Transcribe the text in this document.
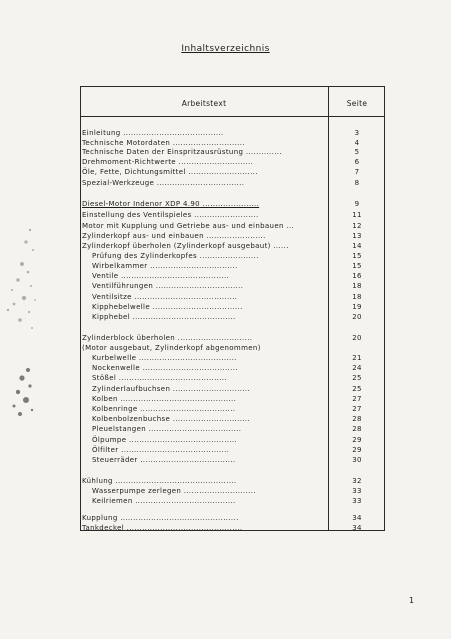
Inhaltsverzeichnis
Arbeitstext	Seite
Einleitung .......................................	3
Technische Motordaten ............................	4
Technische Daten der Einspritzausrüstung ..............	5
Drehmoment-Richtwerte .............................	6
Öle, Fette, Dichtungsmittel ...........................	7
Spezial-Werkzeuge ..................................	8
Diesel-Motor Indenor XDP 4.90 ......................	9
Einstellung des Ventilspieles .........................	11
Motor mit Kupplung und Getriebe aus- und einbauen ...	12
Zylinderkopf aus- und einbauen .......................	13
Zylinderkopf überholen (Zylinderkopf ausgebaut) ......	14
Prüfung des Zylinderkopfes .......................	15
Wirbelkammer ..................................	15
Ventile ..........................................	16
Ventilführungen ..................................	18
Ventilsitze ........................................	18
Kipphebelwelle ...................................	19
Kipphebel ........................................	20
Zylinderblock überholen .............................	20
(Motor ausgebaut, Zylinderkopf abgenommen)
Kurbelwelle ......................................	21
Nockenwelle .....................................	24
Stößel ..........................................	25
Zylinderlaufbuchsen ..............................	25
Kolben .............................................	27
Kolbenringe .....................................	27
Kolbenbolzenbuchse ..............................	28
Pleuelstangen ....................................	28
Ölpumpe ..........................................	29
Ölfilter ..........................................	29
Steuerräder .....................................	30
Kühlung ...............................................	32
Wasserpumpe zerlegen ............................	33
Keilriemen .......................................	33
Kupplung ..............................................	34
Tankdeckel .............................................	34
1
